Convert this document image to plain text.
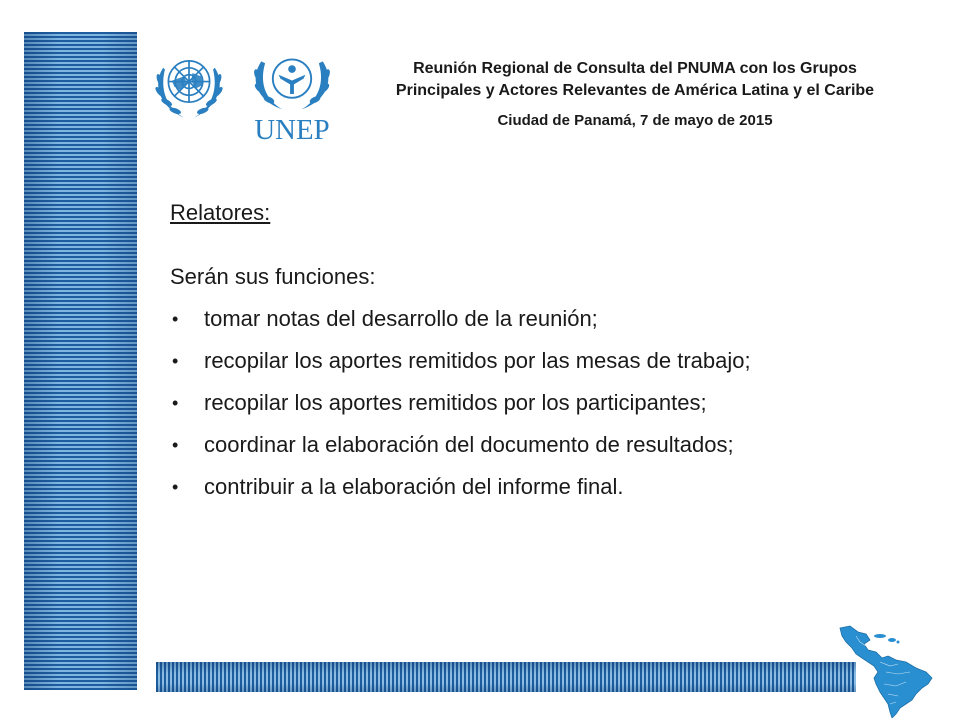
UNEP
Reunión Regional de Consulta del PNUMA con los Grupos
Principales y Actores Relevantes de América Latina y el Caribe
Ciudad de Panamá, 7 de mayo de 2015
Relatores:
Serán sus funciones:
• tomar notas del desarrollo de la reunión;
• recopilar los aportes remitidos por las mesas de trabajo;
• recopilar los aportes remitidos por los participantes;
• coordinar la elaboración del documento de resultados;
• contribuir a la elaboración del informe final.
